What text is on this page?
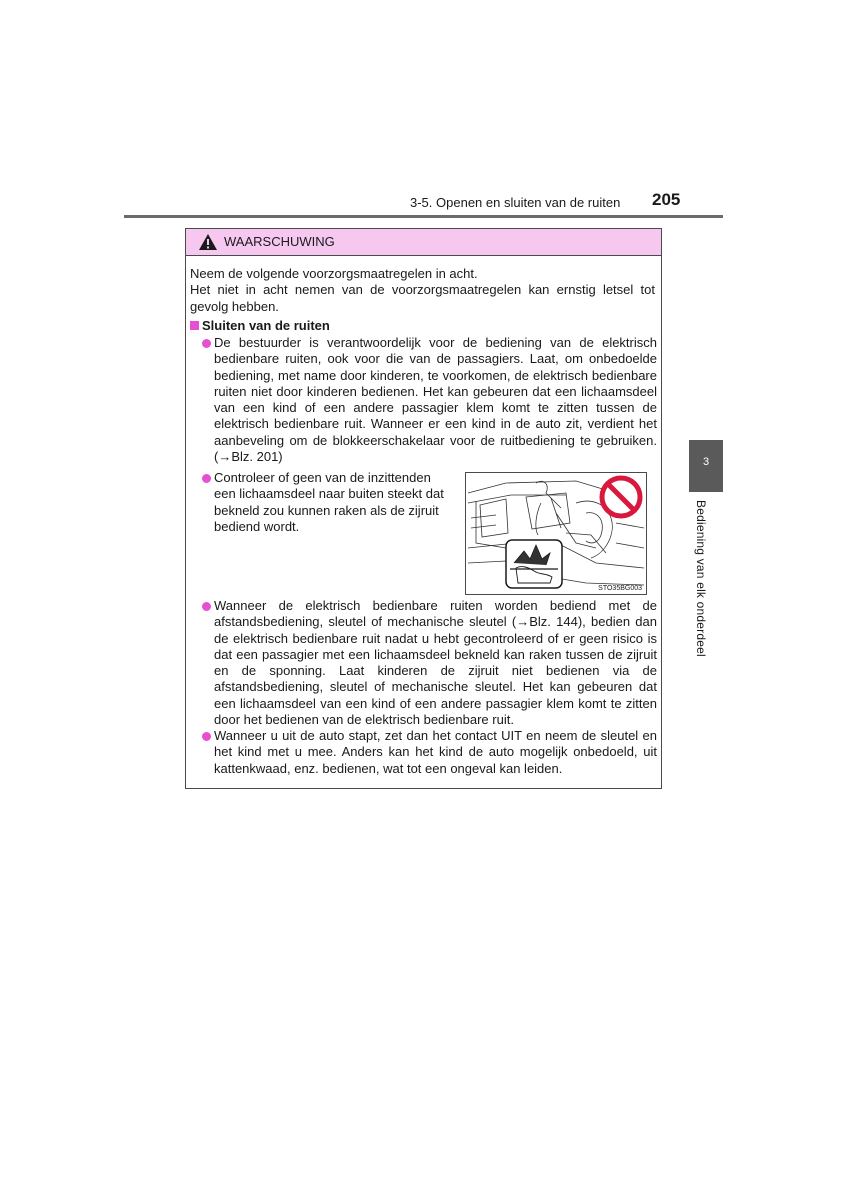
3-5. Openen en sluiten van de ruiten 205
3
Bediening van elk onderdeel
WAARSCHUWING
Neem de volgende voorzorgsmaatregelen in acht.
Het niet in acht nemen van de voorzorgsmaatregelen kan ernstig letsel tot gevolg hebben.
Sluiten van de ruiten
De bestuurder is verantwoordelijk voor de bediening van de elektrisch bedienbare ruiten, ook voor die van de passagiers. Laat, om onbedoelde bediening, met name door kinderen, te voorkomen, de elektrisch bedienbare ruiten niet door kinderen bedienen. Het kan gebeuren dat een lichaamsdeel van een kind of een andere passagier klem komt te zitten tussen de elektrisch bedienbare ruit. Wanneer er een kind in de auto zit, verdient het aanbeveling om de blokkeerschakelaar voor de ruitbediening te gebruiken. (→Blz. 201)
Controleer of geen van de inzittenden een lichaamsdeel naar buiten steekt dat bekneld zou kunnen raken als de zijruit bediend wordt.
STO35BG003
Wanneer de elektrisch bedienbare ruiten worden bediend met de afstandsbediening, sleutel of mechanische sleutel (→Blz. 144), bedien dan de elektrisch bedienbare ruit nadat u hebt gecontroleerd of er geen risico is dat een passagier met een lichaamsdeel bekneld kan raken tussen de zijruit en de sponning. Laat kinderen de zijruit niet bedienen via de afstandsbediening, sleutel of mechanische sleutel. Het kan gebeuren dat een lichaamsdeel van een kind of een andere passagier klem komt te zitten door het bedienen van de elektrisch bedienbare ruit.
Wanneer u uit de auto stapt, zet dan het contact UIT en neem de sleutel en het kind met u mee. Anders kan het kind de auto mogelijk onbedoeld, uit kattenkwaad, enz. bedienen, wat tot een ongeval kan leiden.
